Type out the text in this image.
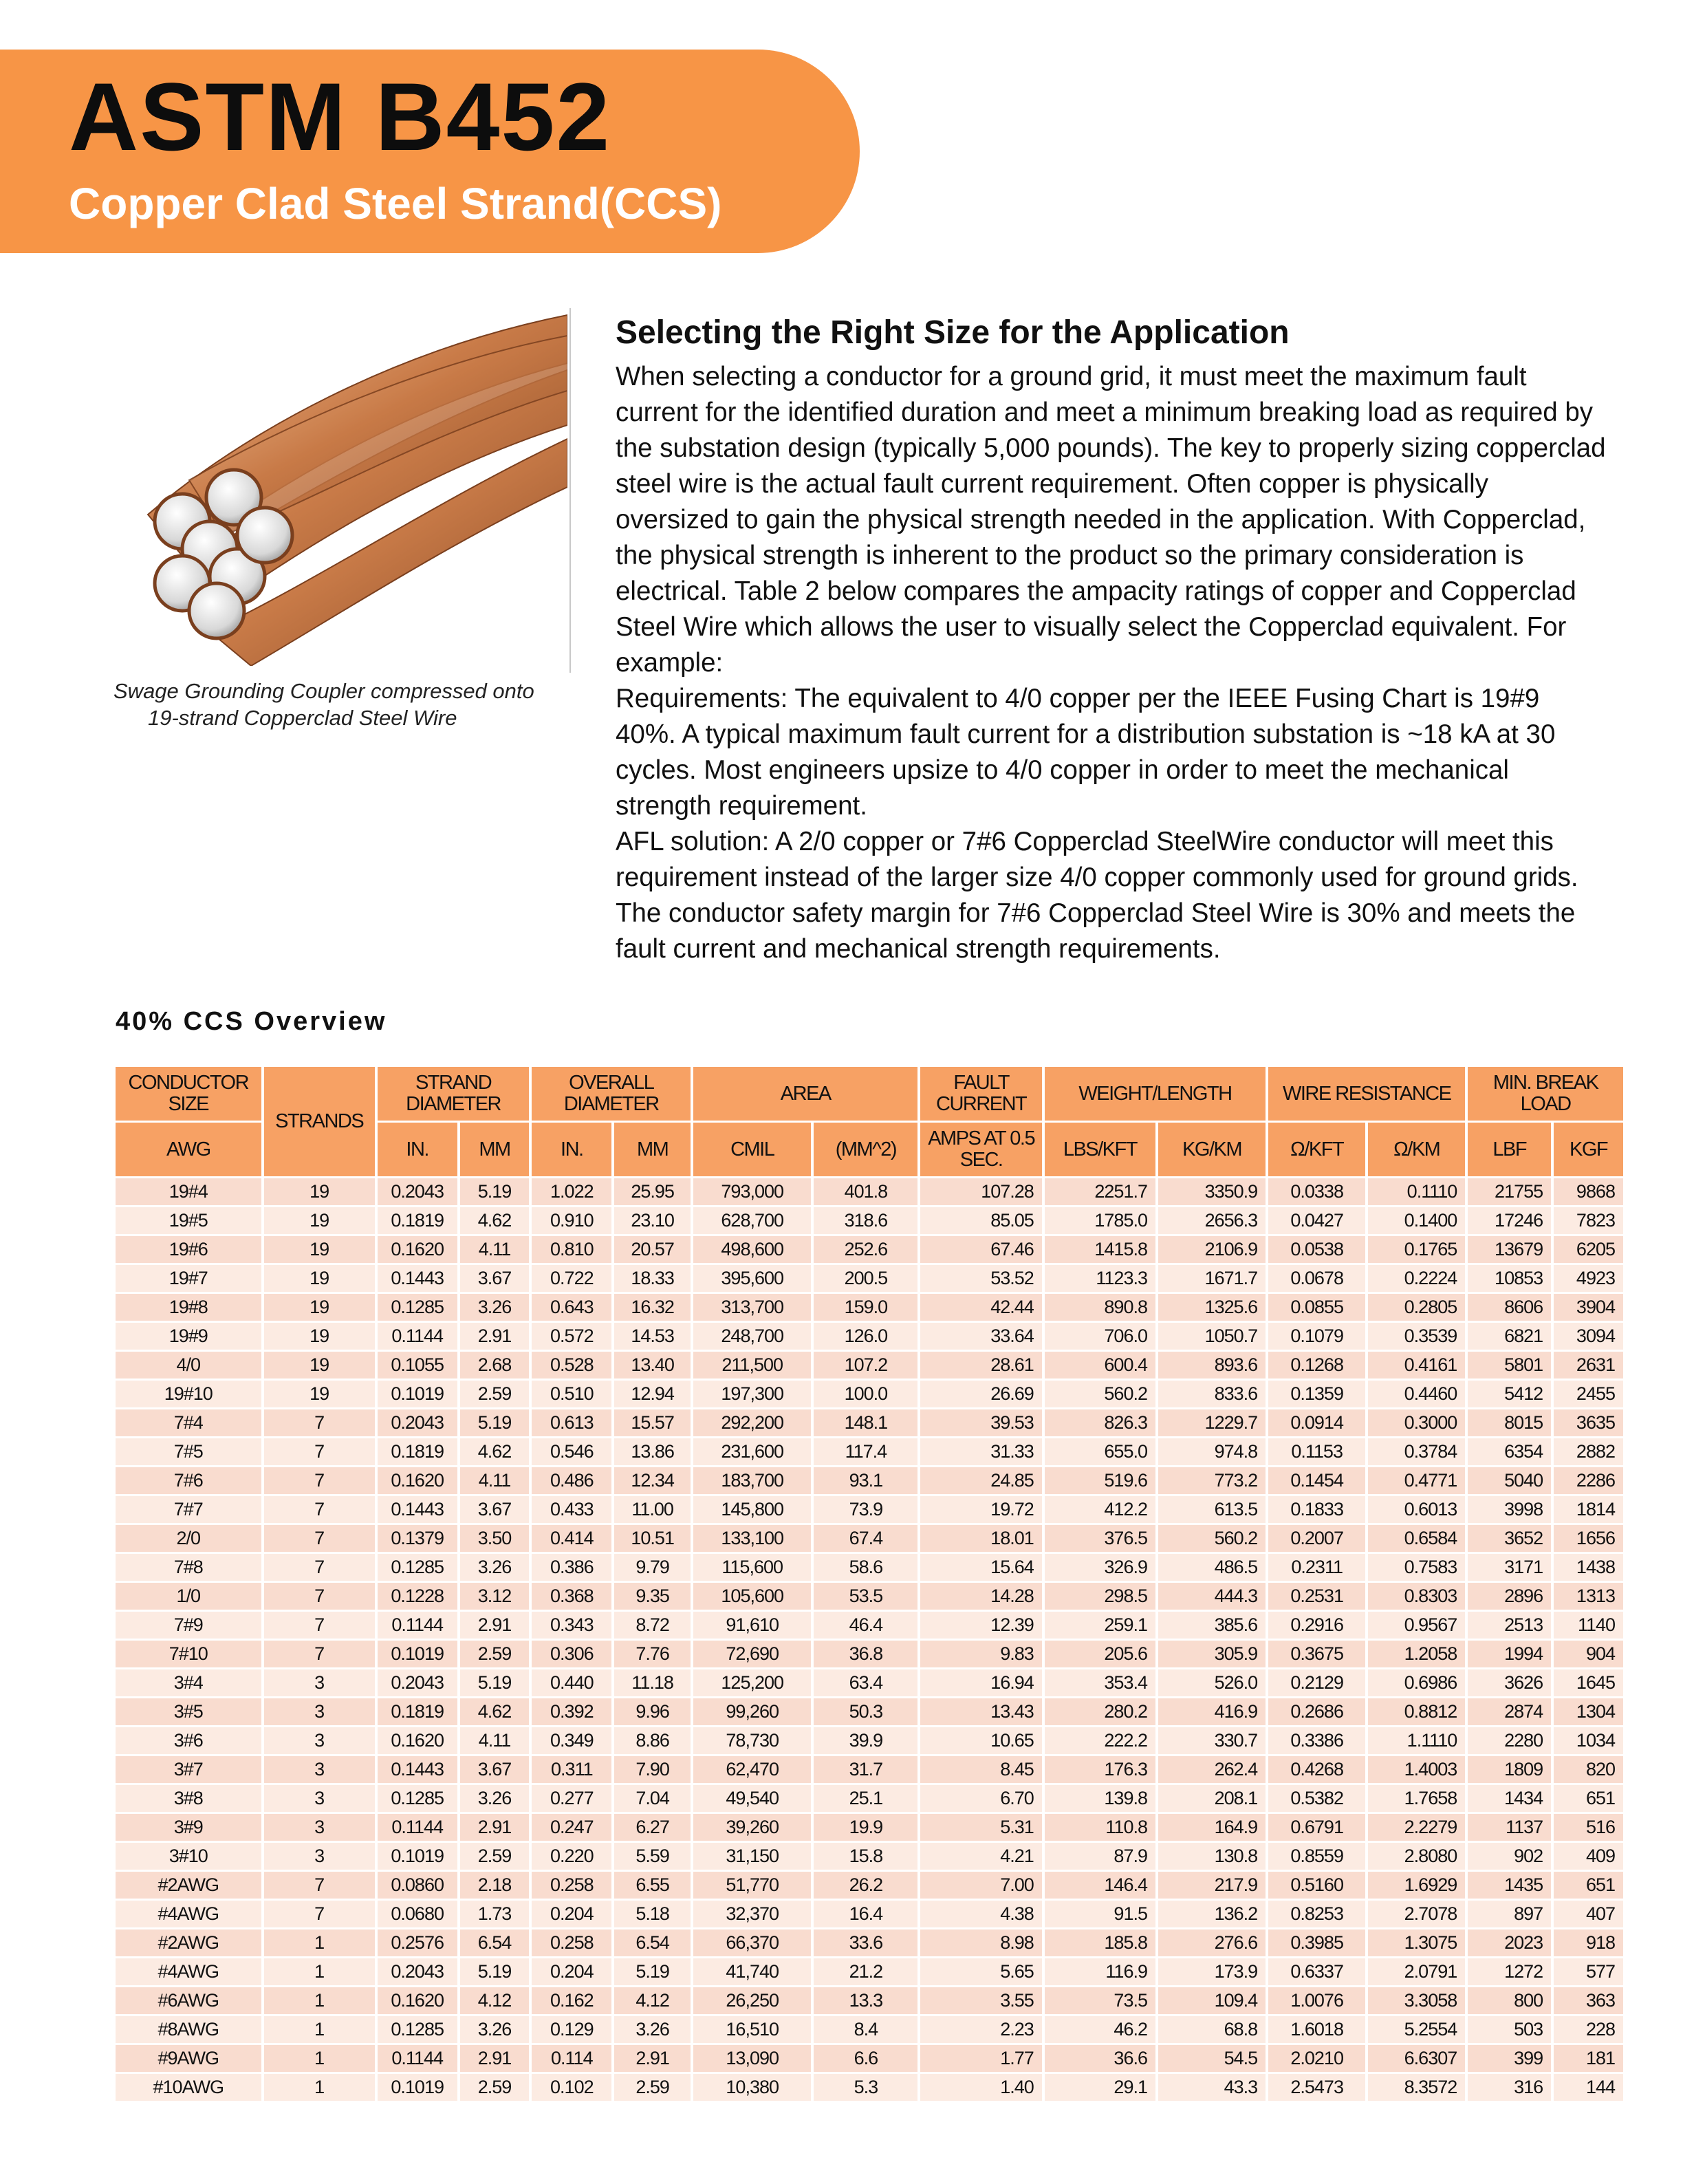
ASTM B452
Copper Clad Steel Strand(CCS)
Swage Grounding Coupler compressed onto
19-strand Copperclad Steel Wire
Selecting the Right Size for the Application

When selecting a conductor for a ground grid, it must meet the maximum fault current for the identified duration and meet a minimum breaking load as required by the substation design (typically 5,000 pounds). The key to properly sizing copperclad steel wire is the actual fault current requirement. Often copper is physically oversized to gain the physical strength needed in the application. With Copperclad, the physical strength is inherent to the product so the primary consideration is electrical. Table 2 below compares the ampacity ratings of copper and Copperclad Steel Wire which allows the user to visually select the Copperclad equivalent. For example:

Requirements: The equivalent to 4/0 copper per the IEEE Fusing Chart is 19#9 40%. A typical maximum fault current for a distribution substation is ~18 kA at 30 cycles. Most engineers upsize to 4/0 copper in order to meet the mechanical strength requirement.

AFL solution: A 2/0 copper or 7#6 Copperclad SteelWire conductor will meet this requirement instead of the larger size 4/0 copper commonly used for ground grids. The conductor safety margin for 7#6 Copperclad Steel Wire is 30% and meets the fault current and mechanical strength requirements.

40% CCS Overview
CONDUCTOR SIZE	STRANDS	STRAND DIAMETER		OVERALL DIAMETER		AREA		FAULT CURRENT	WEIGHT/LENGTH		WIRE RESISTANCE		MIN. BREAK LOAD	
AWG		IN.	MM	IN.	MM	CMIL	(MM^2)	AMPS AT 0.5 SEC.	LBS/KFT	KG/KM	Ω/KFT	Ω/KM	LBF	KGF
19#4	19	0.2043	5.19	1.022	25.95	793,000	401.8	107.28	2251.7	3350.9	0.0338	0.1110	21755	9868
19#5	19	0.1819	4.62	0.910	23.10	628,700	318.6	85.05	1785.0	2656.3	0.0427	0.1400	17246	7823
19#6	19	0.1620	4.11	0.810	20.57	498,600	252.6	67.46	1415.8	2106.9	0.0538	0.1765	13679	6205
19#7	19	0.1443	3.67	0.722	18.33	395,600	200.5	53.52	1123.3	1671.7	0.0678	0.2224	10853	4923
19#8	19	0.1285	3.26	0.643	16.32	313,700	159.0	42.44	890.8	1325.6	0.0855	0.2805	8606	3904
19#9	19	0.1144	2.91	0.572	14.53	248,700	126.0	33.64	706.0	1050.7	0.1079	0.3539	6821	3094
4/0	19	0.1055	2.68	0.528	13.40	211,500	107.2	28.61	600.4	893.6	0.1268	0.4161	5801	2631
19#10	19	0.1019	2.59	0.510	12.94	197,300	100.0	26.69	560.2	833.6	0.1359	0.4460	5412	2455
7#4	7	0.2043	5.19	0.613	15.57	292,200	148.1	39.53	826.3	1229.7	0.0914	0.3000	8015	3635
7#5	7	0.1819	4.62	0.546	13.86	231,600	117.4	31.33	655.0	974.8	0.1153	0.3784	6354	2882
7#6	7	0.1620	4.11	0.486	12.34	183,700	93.1	24.85	519.6	773.2	0.1454	0.4771	5040	2286
7#7	7	0.1443	3.67	0.433	11.00	145,800	73.9	19.72	412.2	613.5	0.1833	0.6013	3998	1814
2/0	7	0.1379	3.50	0.414	10.51	133,100	67.4	18.01	376.5	560.2	0.2007	0.6584	3652	1656
7#8	7	0.1285	3.26	0.386	9.79	115,600	58.6	15.64	326.9	486.5	0.2311	0.7583	3171	1438
1/0	7	0.1228	3.12	0.368	9.35	105,600	53.5	14.28	298.5	444.3	0.2531	0.8303	2896	1313
7#9	7	0.1144	2.91	0.343	8.72	91,610	46.4	12.39	259.1	385.6	0.2916	0.9567	2513	1140
7#10	7	0.1019	2.59	0.306	7.76	72,690	36.8	9.83	205.6	305.9	0.3675	1.2058	1994	904
3#4	3	0.2043	5.19	0.440	11.18	125,200	63.4	16.94	353.4	526.0	0.2129	0.6986	3626	1645
3#5	3	0.1819	4.62	0.392	9.96	99,260	50.3	13.43	280.2	416.9	0.2686	0.8812	2874	1304
3#6	3	0.1620	4.11	0.349	8.86	78,730	39.9	10.65	222.2	330.7	0.3386	1.1110	2280	1034
3#7	3	0.1443	3.67	0.311	7.90	62,470	31.7	8.45	176.3	262.4	0.4268	1.4003	1809	820
3#8	3	0.1285	3.26	0.277	7.04	49,540	25.1	6.70	139.8	208.1	0.5382	1.7658	1434	651
3#9	3	0.1144	2.91	0.247	6.27	39,260	19.9	5.31	110.8	164.9	0.6791	2.2279	1137	516
3#10	3	0.1019	2.59	0.220	5.59	31,150	15.8	4.21	87.9	130.8	0.8559	2.8080	902	409
#2AWG	7	0.0860	2.18	0.258	6.55	51,770	26.2	7.00	146.4	217.9	0.5160	1.6929	1435	651
#4AWG	7	0.0680	1.73	0.204	5.18	32,370	16.4	4.38	91.5	136.2	0.8253	2.7078	897	407
#2AWG	1	0.2576	6.54	0.258	6.54	66,370	33.6	8.98	185.8	276.6	0.3985	1.3075	2023	918
#4AWG	1	0.2043	5.19	0.204	5.19	41,740	21.2	5.65	116.9	173.9	0.6337	2.0791	1272	577
#6AWG	1	0.1620	4.12	0.162	4.12	26,250	13.3	3.55	73.5	109.4	1.0076	3.3058	800	363
#8AWG	1	0.1285	3.26	0.129	3.26	16,510	8.4	2.23	46.2	68.8	1.6018	5.2554	503	228
#9AWG	1	0.1144	2.91	0.114	2.91	13,090	6.6	1.77	36.6	54.5	2.0210	6.6307	399	181
#10AWG	1	0.1019	2.59	0.102	2.59	10,380	5.3	1.40	29.1	43.3	2.5473	8.3572	316	144
